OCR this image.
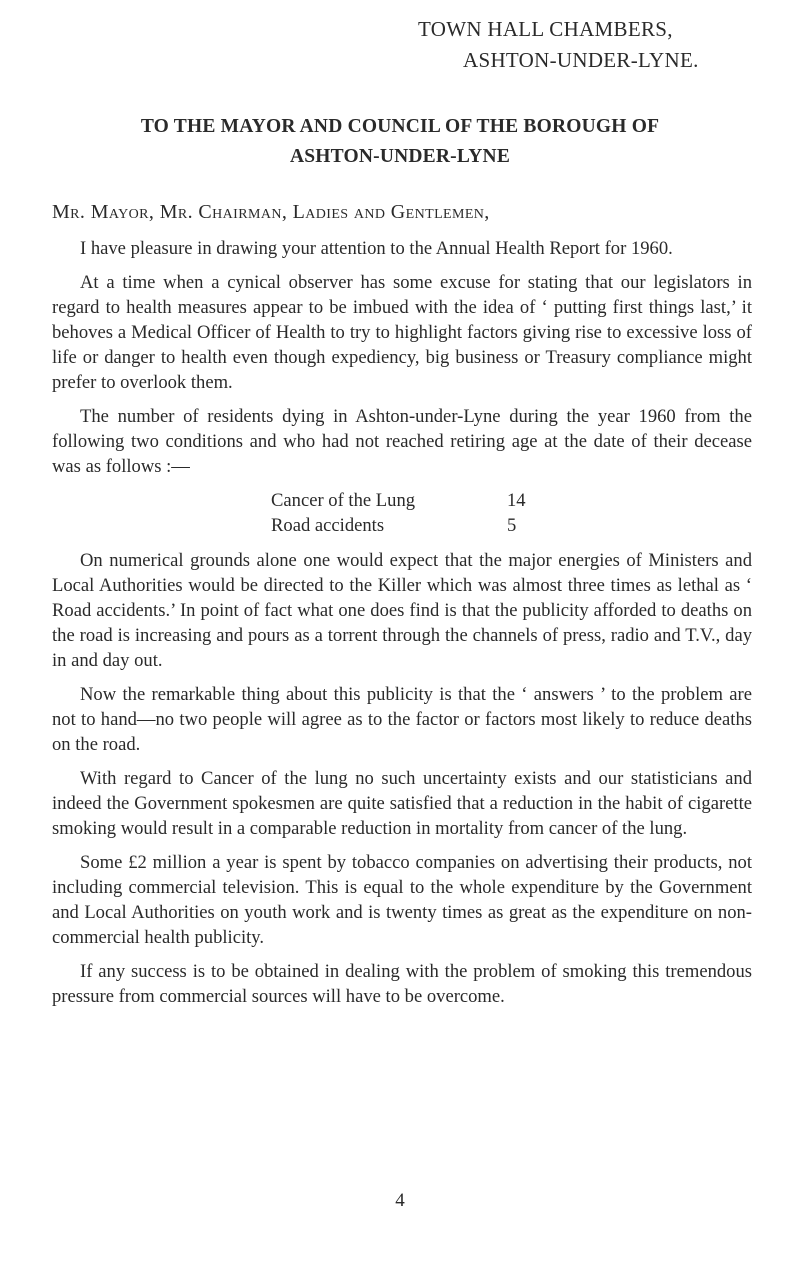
TOWN HALL CHAMBERS,
ASHTON-UNDER-LYNE.
TO THE MAYOR AND COUNCIL OF THE BOROUGH OF
ASHTON-UNDER-LYNE
Mr. Mayor, Mr. Chairman, Ladies and Gentlemen,

I have pleasure in drawing your attention to the Annual Health Report for 1960.

At a time when a cynical observer has some excuse for stating that our legislators in regard to health measures appear to be imbued with the idea of ‘ putting first things last,’ it behoves a Medical Officer of Health to try to highlight factors giving rise to excessive loss of life or danger to health even though expediency, big business or Treasury compliance might prefer to overlook them.

The number of residents dying in Ashton-under-Lyne during the year 1960 from the following two conditions and who had not reached retiring age at the date of their decease was as follows :—

Cancer of the Lung	14
Road accidents	5

On numerical grounds alone one would expect that the major energies of Ministers and Local Authorities would be directed to the Killer which was almost three times as lethal as ‘ Road accidents.’ In point of fact what one does find is that the publicity afforded to deaths on the road is increasing and pours as a torrent through the channels of press, radio and T.V., day in and day out.

Now the remarkable thing about this publicity is that the ‘ answers ’ to the problem are not to hand—no two people will agree as to the factor or factors most likely to reduce deaths on the road.

With regard to Cancer of the lung no such uncertainty exists and our statisticians and indeed the Government spokesmen are quite satisfied that a reduction in the habit of cigarette smoking would result in a comparable reduction in mortality from cancer of the lung.

Some £2 million a year is spent by tobacco companies on advertising their products, not including commercial television. This is equal to the whole expenditure by the Government and Local Authorities on youth work and is twenty times as great as the expenditure on non-commercial health publicity.

If any success is to be obtained in dealing with the problem of smoking this tremendous pressure from commercial sources will have to be overcome.

4
